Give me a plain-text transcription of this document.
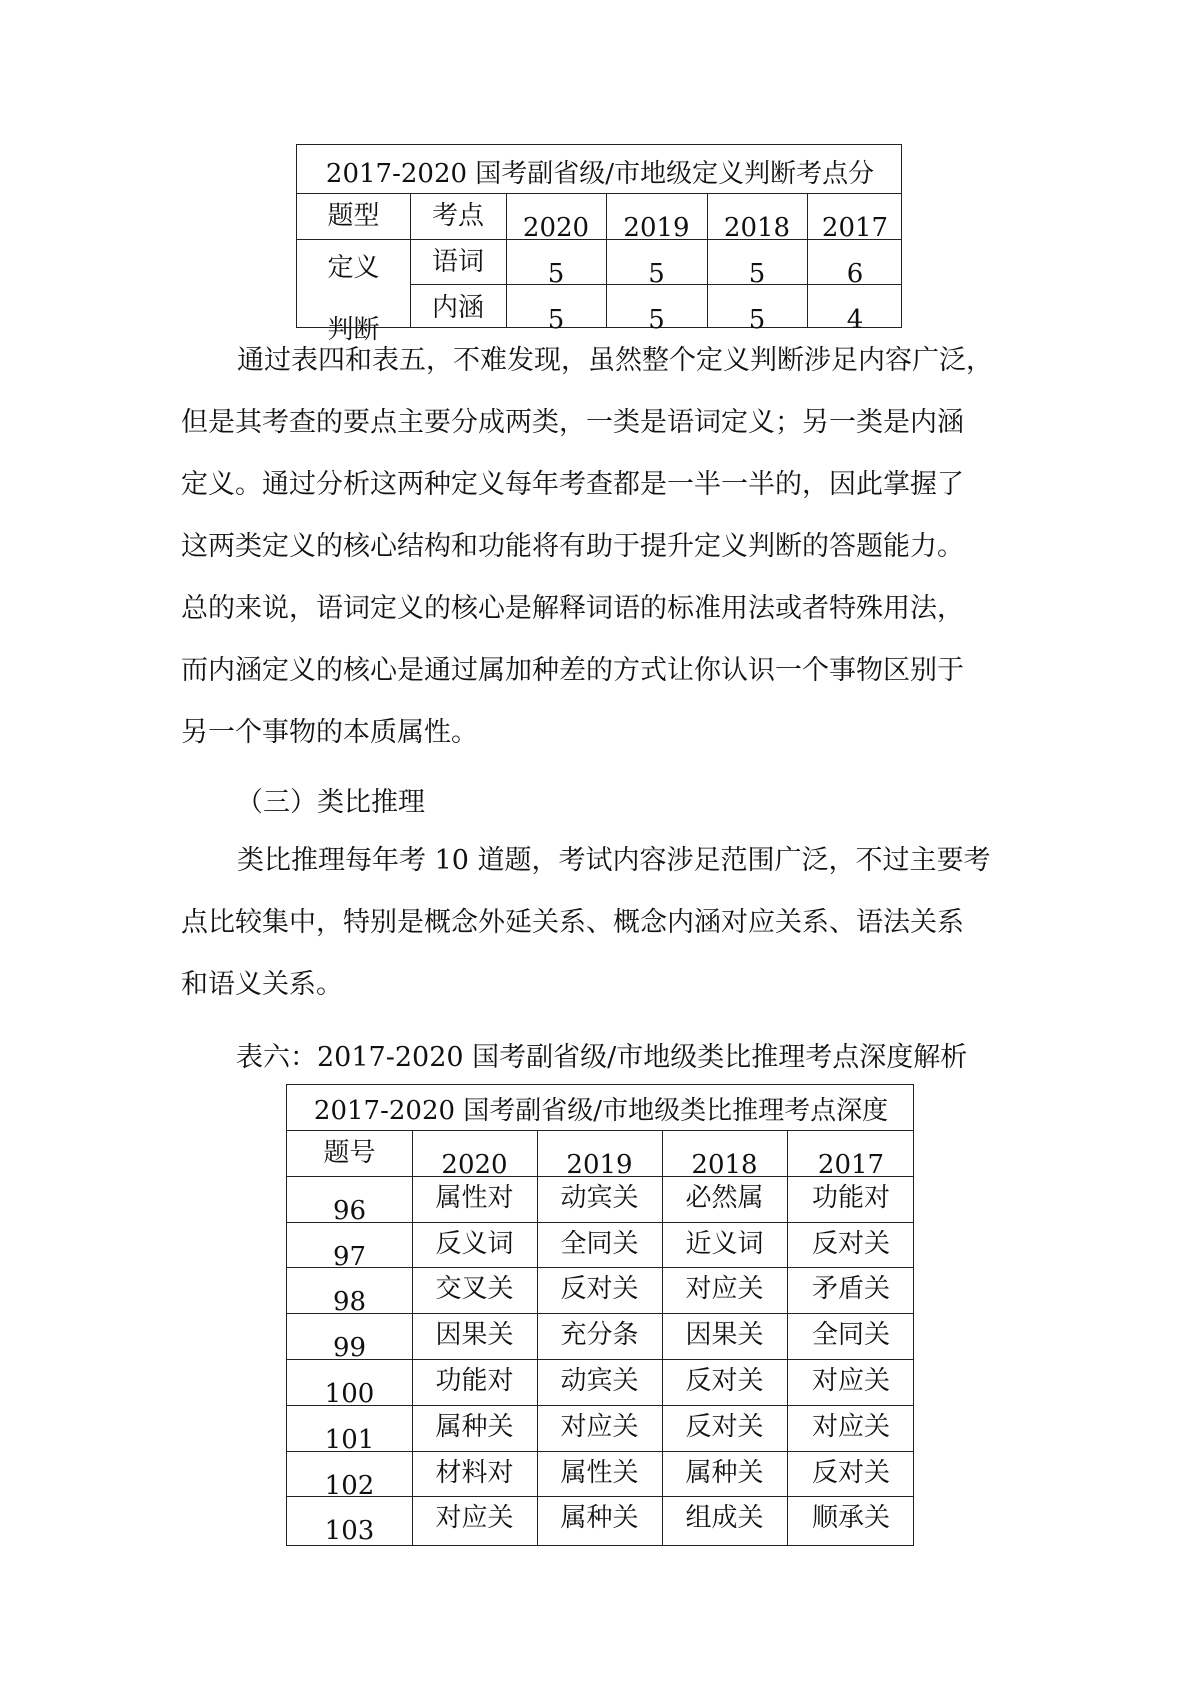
2017-2020 国考副省级/市地级定义判断考点分
题型	考点	2020	2019	2018	2017
定义
判断
语词	5	5	5	6
内涵	5	5	5	4
通过表四和表五，不难发现，虽然整个定义判断涉足内容广泛，
但是其考查的要点主要分成两类，一类是语词定义；另一类是内涵
定义。通过分析这两种定义每年考查都是一半一半的，因此掌握了
这两类定义的核心结构和功能将有助于提升定义判断的答题能力。
总的来说，语词定义的核心是解释词语的标准用法或者特殊用法，
而内涵定义的核心是通过属加种差的方式让你认识一个事物区别于
另一个事物的本质属性。
（三）类比推理
类比推理每年考 10 道题，考试内容涉足范围广泛，不过主要考
点比较集中，特别是概念外延关系、概念内涵对应关系、语法关系
和语义关系。
表六：2017-2020 国考副省级/市地级类比推理考点深度解析
2017-2020 国考副省级/市地级类比推理考点深度
题号	2020	2019	2018	2017
96	属性对	动宾关	必然属	功能对
97	反义词	全同关	近义词	反对关
98	交叉关	反对关	对应关	矛盾关
99	因果关	充分条	因果关	全同关
100	功能对	动宾关	反对关	对应关
101	属种关	对应关	反对关	对应关
102	材料对	属性关	属种关	反对关
103	对应关	属种关	组成关	顺承关
